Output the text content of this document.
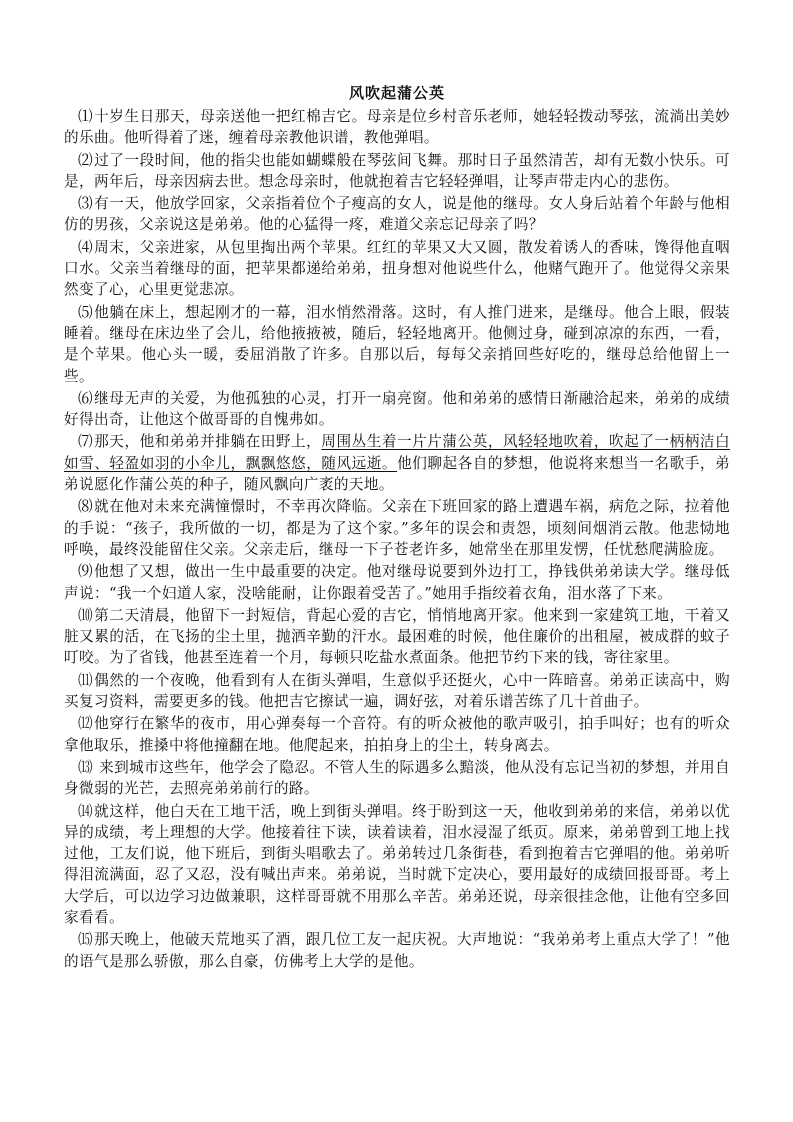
风吹起蒲公英

⑴十岁生日那天，母亲送他一把红棉吉它。母亲是位乡村音乐老师，她轻轻拨动琴弦，流淌出美妙的乐曲。他听得着了迷，缠着母亲教他识谱，教他弹唱。

⑵过了一段时间，他的指尖也能如蝴蝶般在琴弦间飞舞。那时日子虽然清苦，却有无数小快乐。可是，两年后，母亲因病去世。想念母亲时，他就抱着吉它轻轻弹唱，让琴声带走内心的悲伤。

⑶有一天，他放学回家，父亲指着位个子瘦高的女人，说是他的继母。女人身后站着个年龄与他相仿的男孩，父亲说这是弟弟。他的心猛得一疼，难道父亲忘记母亲了吗？

⑷周末，父亲进家，从包里掏出两个苹果。红红的苹果又大又圆，散发着诱人的香味，馋得他直咽口水。父亲当着继母的面，把苹果都递给弟弟，扭身想对他说些什么，他赌气跑开了。他觉得父亲果然变了心，心里更觉悲凉。

⑸他躺在床上，想起刚才的一幕，泪水悄然滑落。这时，有人推门进来，是继母。他合上眼，假装睡着。继母在床边坐了会儿，给他掖掖被，随后，轻轻地离开。他侧过身，碰到凉凉的东西，一看，是个苹果。他心头一暖，委屈消散了许多。自那以后，每每父亲捎回些好吃的，继母总给他留上一些。

⑹继母无声的关爱，为他孤独的心灵，打开一扇亮窗。他和弟弟的感情日渐融洽起来，弟弟的成绩好得出奇，让他这个做哥哥的自愧弗如。

⑺那天，他和弟弟并排躺在田野上，周围丛生着一片片蒲公英，风轻轻地吹着，吹起了一柄柄洁白如雪、轻盈如羽的小伞儿，飘飘悠悠，随风远逝。他们聊起各自的梦想，他说将来想当一名歌手，弟弟说愿化作蒲公英的种子，随风飘向广袤的天地。

⑻就在他对未来充满憧憬时，不幸再次降临。父亲在下班回家的路上遭遇车祸，病危之际，拉着他的手说：“孩子，我所做的一切，都是为了这个家。”多年的误会和责怨，顷刻间烟消云散。他悲恸地呼唤，最终没能留住父亲。父亲走后，继母一下子苍老许多，她常坐在那里发愣，任忧愁爬满脸庞。

⑼他想了又想，做出一生中最重要的决定。他对继母说要到外边打工，挣钱供弟弟读大学。继母低声说：“我一个妇道人家，没啥能耐，让你跟着受苦了。”她用手指绞着衣角，泪水落了下来。

⑽第二天清晨，他留下一封短信，背起心爱的吉它，悄悄地离开家。他来到一家建筑工地，干着又脏又累的活，在飞扬的尘土里，抛洒辛勤的汗水。最困难的时候，他住廉价的出租屋，被成群的蚊子叮咬。为了省钱，他甚至连着一个月，每顿只吃盐水煮面条。他把节约下来的钱，寄往家里。

⑾偶然的一个夜晚，他看到有人在街头弹唱，生意似乎还挺火，心中一阵暗喜。弟弟正读高中，购买复习资料，需要更多的钱。他把吉它擦试一遍，调好弦，对着乐谱苦练了几十首曲子。

⑿他穿行在繁华的夜市，用心弹奏每一个音符。有的听众被他的歌声吸引，拍手叫好；也有的听众拿他取乐，推搡中将他撞翻在地。他爬起来，拍拍身上的尘土，转身离去。

⒀ 来到城市这些年，他学会了隐忍。不管人生的际遇多么黯淡，他从没有忘记当初的梦想，并用自身微弱的光芒，去照亮弟弟前行的路。

⒁就这样，他白天在工地干活，晚上到街头弹唱。终于盼到这一天，他收到弟弟的来信，弟弟以优异的成绩，考上理想的大学。他接着往下读，读着读着，泪水浸湿了纸页。原来，弟弟曾到工地上找过他，工友们说，他下班后，到街头唱歌去了。弟弟转过几条街巷，看到抱着吉它弹唱的他。弟弟听得泪流满面，忍了又忍，没有喊出声来。弟弟说，当时就下定决心，要用最好的成绩回报哥哥。考上大学后，可以边学习边做兼职，这样哥哥就不用那么辛苦。弟弟还说，母亲很挂念他，让他有空多回家看看。

⒂那天晚上，他破天荒地买了酒，跟几位工友一起庆祝。大声地说：“我弟弟考上重点大学了！”他的语气是那么骄傲，那么自豪，仿佛考上大学的是他。
